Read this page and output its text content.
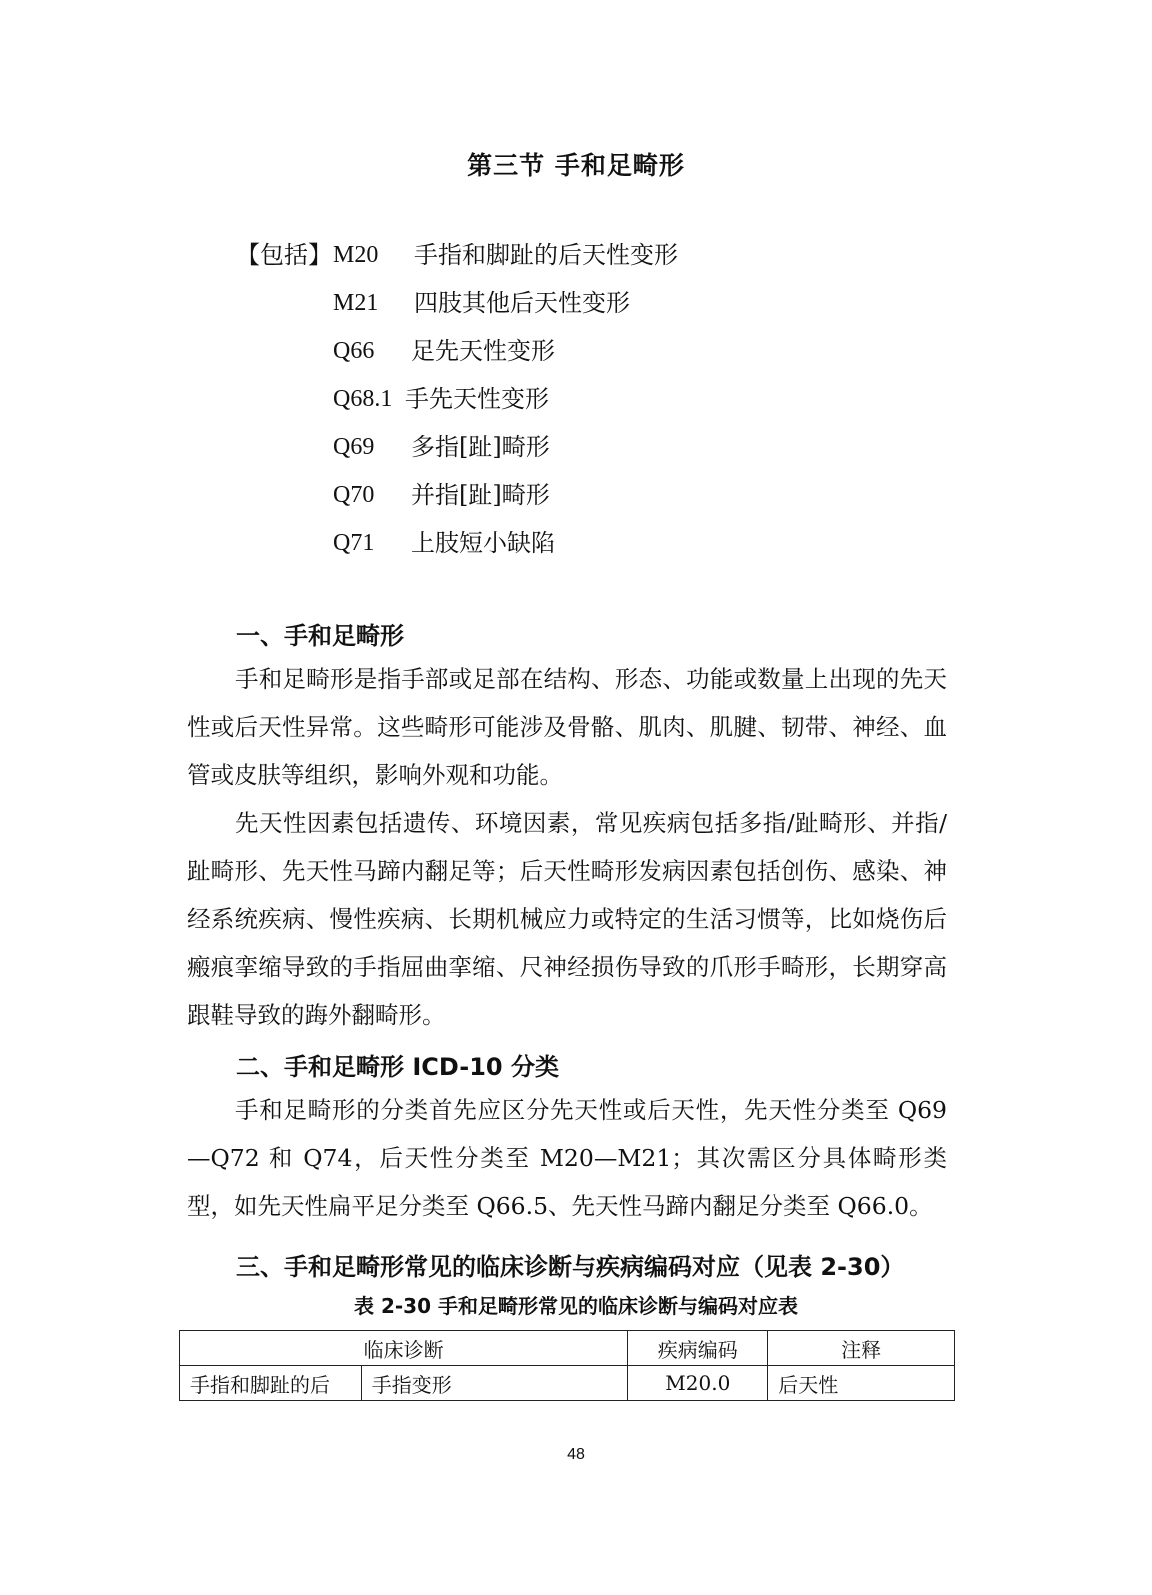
第三节 手和足畸形
【包括】 M20 手指和脚趾的后天性变形
M21 四肢其他后天性变形
Q66 足先天性变形
Q68.1 手先天性变形
Q69 多指[趾]畸形
Q70 并指[趾]畸形
Q71 上肢短小缺陷
一、手和足畸形

手和足畸形是指手部或足部在结构、形态、功能或数量上出现的先天性或后天性异常。这些畸形可能涉及骨骼、肌肉、肌腱、韧带、神经、血管或皮肤等组织，影响外观和功能。

先天性因素包括遗传、环境因素，常见疾病包括多指/趾畸形、并指/趾畸形、先天性马蹄内翻足等；后天性畸形发病因素包括创伤、感染、神经系统疾病、慢性疾病、长期机械应力或特定的生活习惯等，比如烧伤后瘢痕挛缩导致的手指屈曲挛缩、尺神经损伤导致的爪形手畸形，长期穿高跟鞋导致的踇外翻畸形。

二、手和足畸形 ICD-10 分类

手和足畸形的分类首先应区分先天性或后天性，先天性分类至 Q69—Q72 和 Q74，后天性分类至 M20—M21；其次需区分具体畸形类型，如先天性扁平足分类至 Q66.5、先天性马蹄内翻足分类至 Q66.0。

三、手和足畸形常见的临床诊断与疾病编码对应（见表 2-30）
表 2-30 手和足畸形常见的临床诊断与编码对应表
临床诊断		疾病编码	注释
手指和脚趾的后	手指变形	M20.0	后天性
48
